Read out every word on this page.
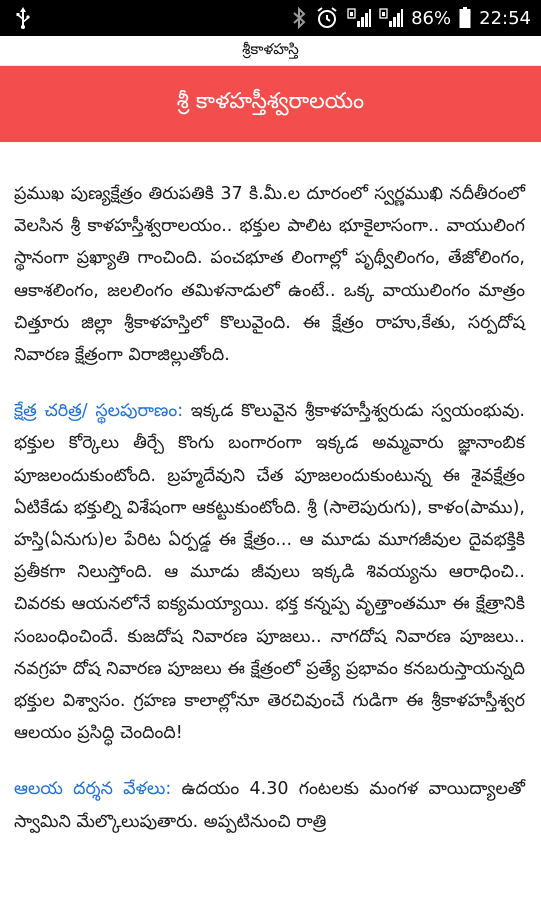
86% 22:54
శ్రీకాళహస్తి
శ్రీ కాళహస్తీశ్వరాలయం

ప్రముఖ పుణ్యక్షేత్రం తిరుపతికి 37 కి.మీ.ల దూరంలో స్వర్ణముఖి నదీతీరంలో వెలసిన శ్రీ కాళహస్తీశ్వరాలయం.. భక్తుల పాలిట భూకైలాసంగా.. వాయులింగ స్థానంగా ప్రఖ్యాతి గాంచింది. పంచభూత లింగాల్లో పృథ్వీలింగం, తేజోలింగం, ఆకాశలింగం, జలలింగం తమిళనాడులో ఉంటే.. ఒక్క వాయులింగం మాత్రం చిత్తూరు జిల్లా శ్రీకాళహస్తిలో కొలువైంది. ఈ క్షేత్రం రాహు,కేతు, సర్పదోష నివారణ క్షేత్రంగా విరాజిల్లుతోంది.

క్షేత్ర చరిత్ర/ స్థలపురాణం: ఇక్కడ కొలువైన శ్రీకాళహస్తీశ్వరుడు స్వయంభువు. భక్తుల కోర్కెలు తీర్చే కొంగు బంగారంగా ఇక్కడ అమ్మవారు జ్ఞానాంబిక పూజలందుకుంటోంది. బ్రహ్మదేవుని చేత పూజలందుకుంటున్న ఈ శైవక్షేత్రం ఏటికేడు భక్తుల్ని విశేషంగా ఆకట్టుకుంటోంది. శ్రీ (సాలెపురుగు), కాళం(పాము), హస్తి(ఏనుగు)ల పేరిట ఏర్పడ్డ ఈ క్షేత్రం... ఆ మూడు మూగజీవుల దైవభక్తికి ప్రతీకగా నిలుస్తోంది. ఆ మూడు జీవులు ఇక్కడి శివయ్యను ఆరాధించి.. చివరకు ఆయనలోనే ఐక్యమయ్యాయి. భక్త కన్నప్ప వృత్తాంతమూ ఈ క్షేత్రానికి సంబంధించిందే. కుజదోష నివారణ పూజలు.. నాగదోష నివారణ పూజలు.. నవగ్రహ దోష నివారణ పూజలు ఈ క్షేత్రంలో ప్రత్యే ప్రభావం కనబరుస్తాయన్నది భక్తుల విశ్వాసం. గ్రహణ కాలాల్లోనూ తెరచివుంచే గుడిగా ఈ శ్రీకాళహస్తీశ్వర ఆలయం ప్రసిద్ధి చెందింది!

ఆలయ దర్శన వేళలు: ఉదయం 4.30 గంటలకు మంగళ వాయిద్యాలతో స్వామిని మేల్కొలుపుతారు. అప్పటినుంచి రాత్రి
